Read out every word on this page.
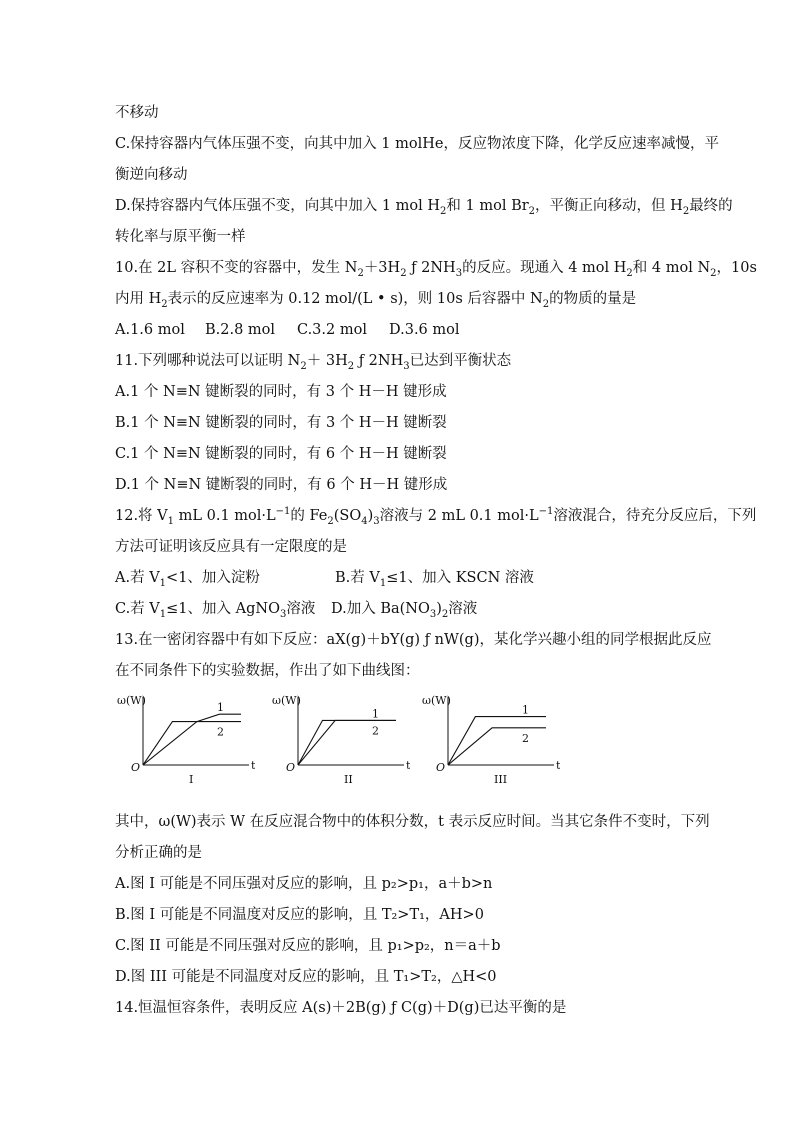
不移动
C.保持容器内气体压强不变，向其中加入 1 molHe，反应物浓度下降，化学反应速率减慢，平
衡逆向移动
D.保持容器内气体压强不变，向其中加入 1 mol $H_2$和 1 mol $Br_2$，平衡正向移动，但 $H_2$最终的
转化率与原平衡一样
10.在 2L 容积不变的容器中，发生 $N_2+3H_2$ ƒ $2NH_3$的反应。现通入 4 mol $H_2$和 4 mol $N_2$，10s
内用 $H_2$表示的反应速率为 0.12 mol/(L • s)，则 10s 后容器中 $N_2$的物质的量是
A.1.6 mol B.2.8 mol C.3.2 mol D.3.6 mol
11.下列哪种说法可以证明 $N_2+ 3H_2$ ƒ $2NH_3$已达到平衡状态
A.1 个 N≡N 键断裂的同时，有 3 个 H－H 键形成
B.1 个 N≡N 键断裂的同时，有 3 个 H－H 键断裂
C.1 个 N≡N 键断裂的同时，有 6 个 H－H 键断裂
D.1 个 N≡N 键断裂的同时，有 6 个 H－H 键形成
12.将 $V_1$ mL 0.1 $mol\cdot L^{-1}$的 $Fe_2(SO_4)_3$溶液与 2 mL 0.1 $mol\cdot L^{-1}$溶液混合，待充分反应后，下列
方法可证明该反应具有一定限度的是
A.若 $V_1<1$、加入淀粉	B.若 $V_1\le 1$、加入 KSCN 溶液
C.若 $V_1\le 1$、加入 AgNO$_3$溶液 D.加入 $Ba(NO_3)_2$溶液
13.在一密闭容器中有如下反应：aX(g)＋bY(g) ƒ nW(g)，某化学兴趣小组的同学根据此反应
在不同条件下的实验数据，作出了如下曲线图：
ω(W)
t
O
I
1
2
ω(W)
t
O
II
1
2
ω(W)
t
O
III
1
2
其中，ω(W)表示 W 在反应混合物中的体积分数，t 表示反应时间。当其它条件不变时，下列
分析正确的是
A.图 I 可能是不同压强对反应的影响，且 p₂>p₁，a＋b>n
B.图 I 可能是不同温度对反应的影响，且 T₂>T₁，AH>0
C.图 II 可能是不同压强对反应的影响，且 p₁>p₂，n＝a＋b
D.图 III 可能是不同温度对反应的影响，且 T₁>T₂，△H<0
14.恒温恒容条件，表明反应 A(s)＋2B(g) ƒ C(g)＋D(g)已达平衡的是
